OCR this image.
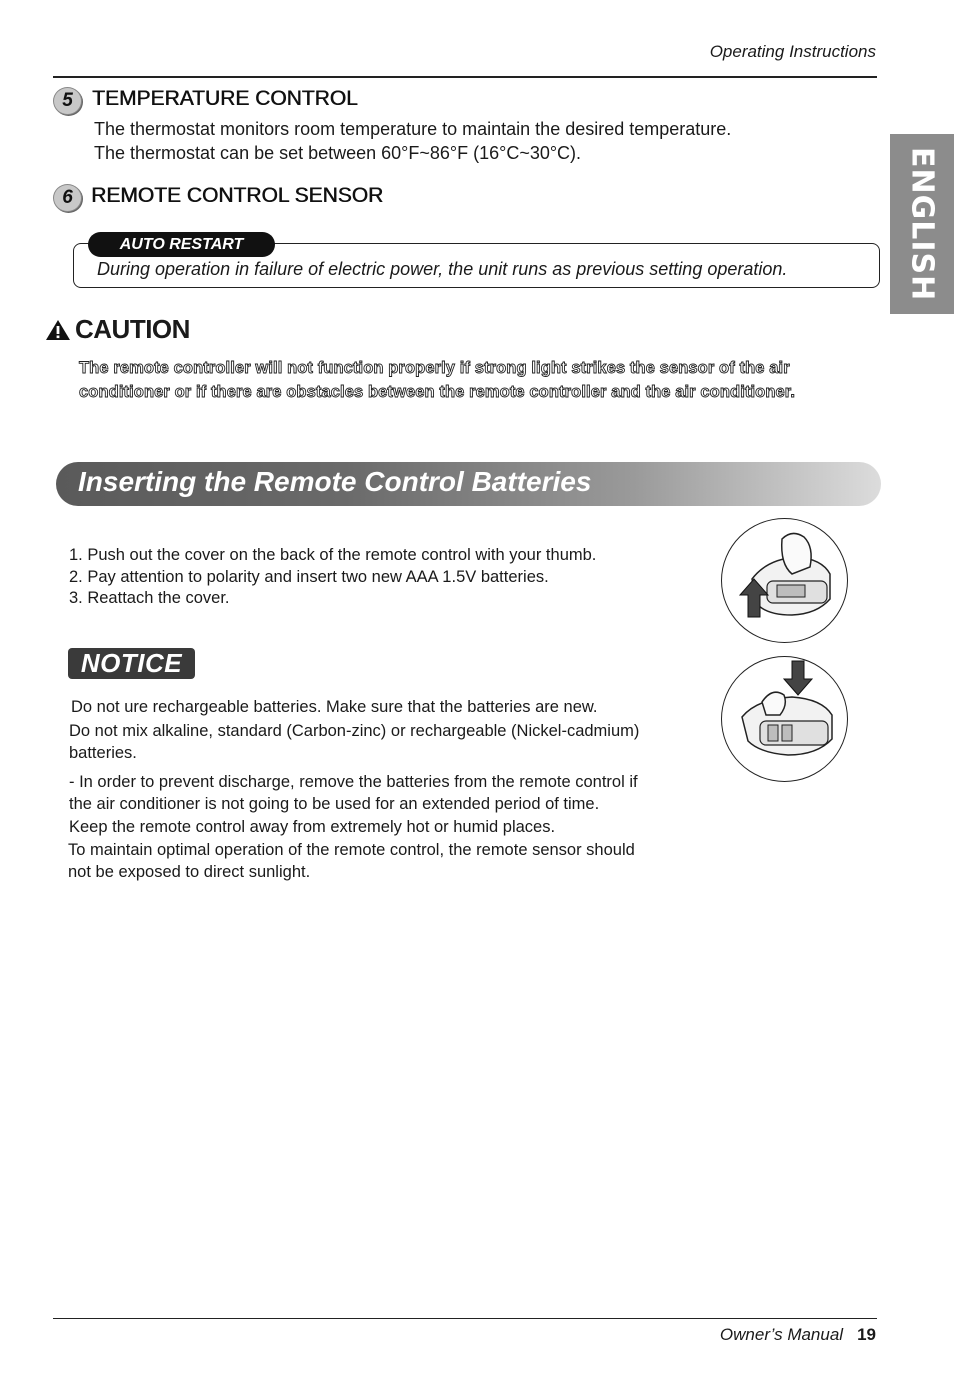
Operating Instructions
ENGLISH
5 TEMPERATURE CONTROL
The thermostat monitors room temperature to maintain the desired temperature.
The thermostat can be set between 60°F~86°F (16°C~30°C).
6 REMOTE CONTROL SENSOR
AUTO RESTART
During operation in failure of electric power, the unit runs as previous setting operation.
CAUTION
The remote controller will not function properly if strong light strikes the sensor of the air
conditioner or if there are obstacles between the remote controller and the air conditioner.
Inserting the Remote Control Batteries
1. Push out the cover on the back of the remote control with your thumb.
2. Pay attention to polarity and insert two new AAA 1.5V batteries.
3. Reattach the cover.
NOTICE
Do not ure rechargeable batteries. Make sure that the batteries are new.
Do not mix alkaline, standard (Carbon-zinc) or rechargeable (Nickel-cadmium)
batteries.
- In order to prevent discharge, remove the batteries from the remote control if
the air conditioner is not going to be used for an extended period of time.
Keep the remote control away from extremely hot or humid places.
To maintain optimal operation of the remote control, the remote sensor should
not be exposed to direct sunlight.
Owner’s Manual 19
